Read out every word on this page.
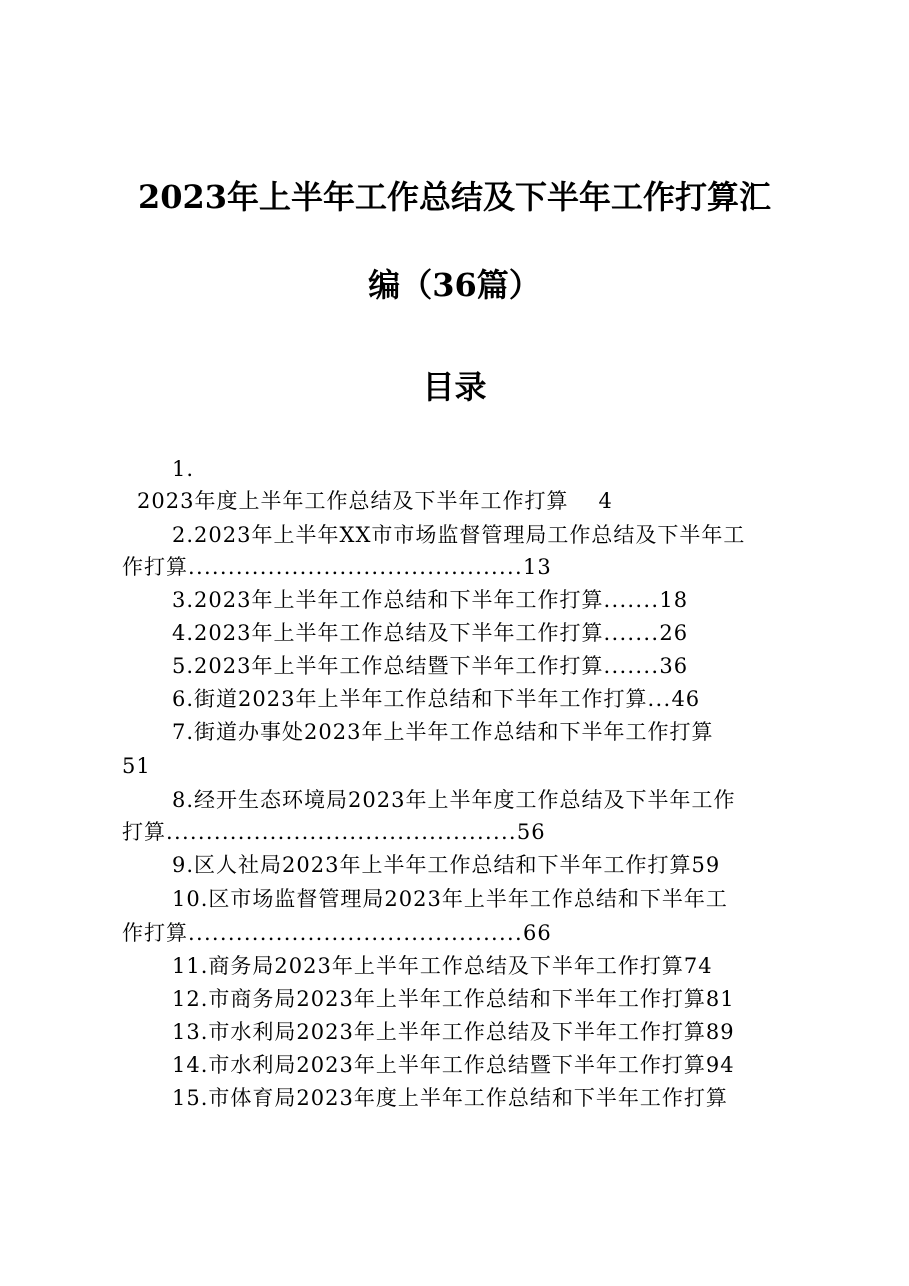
2023年上半年工作总结及下半年工作打算汇
编（36篇）
目录
1.
2023年度上半年工作总结及下半年工作打算 4
2.2023年上半年XX市市场监督管理局工作总结及下半年工
作打算..........................................13
3.2023年上半年工作总结和下半年工作打算.......18
4.2023年上半年工作总结及下半年工作打算.......26
5.2023年上半年工作总结暨下半年工作打算.......36
6.街道2023年上半年工作总结和下半年工作打算...46
7.街道办事处2023年上半年工作总结和下半年工作打算
51
8.经开生态环境局2023年上半年度工作总结及下半年工作
打算............................................56
9.区人社局2023年上半年工作总结和下半年工作打算59
10.区市场监督管理局2023年上半年工作总结和下半年工
作打算..........................................66
11.商务局2023年上半年工作总结及下半年工作打算74
12.市商务局2023年上半年工作总结和下半年工作打算81
13.市水利局2023年上半年工作总结及下半年工作打算89
14.市水利局2023年上半年工作总结暨下半年工作打算94
15.市体育局2023年度上半年工作总结和下半年工作打算
